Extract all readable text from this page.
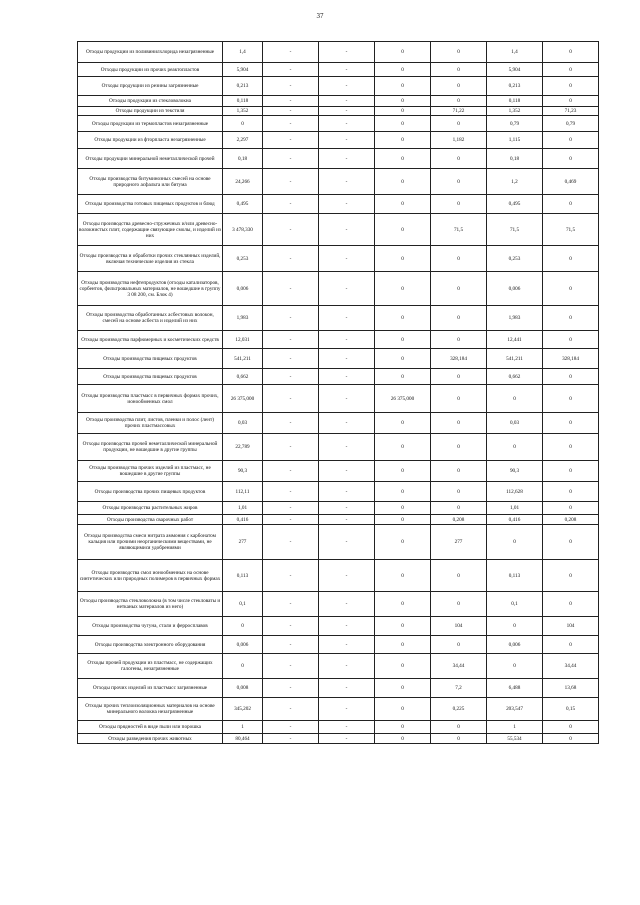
37
Отходы продукции из поливинилхлорида незагрязненные	1,4	-	-	0	0	1,4	0
Отходы продукции из прочих реактопластов	5,904	-	-	0	0	5,904	0
Отходы продукции из резины загрязненные	0,213	-	-	0	0	0,213	0
Отходы продукции из стекловолокна	0,118	-	-	0	0	0,118	0
Отходы продукции из текстиля	1,352	-	-	0	71,22	1,352	71,23
Отходы продукции из термопластов незагрязненные	0	-	-	0	0	0,79	0,79
Отходы продукции из фторпласта незагрязненные	2,297	-	-	0	1,182	1,115	0
Отходы продукции минеральной неметаллической прочей	0,18	-	-	0	0	0,18	0
Отходы производства битуминозных смесей на основе природного асфальта или битума	24,266	-	-	0	0	1,2	0,469
Отходы производства готовых пищевых продуктов и блюд	0,495	-	-	0	0	0,495	0
Отходы производства древесно-стружечных и/или древесно-волокнистых плит, содержащие связующие смолы, и изделий из них	3 478,330	-	-	0	71,5	71,5	71,5
Отходы производства и обработки прочих стеклянных изделий, включая технические изделия из стекла	0,253	-	-	0	0	0,253	0
Отходы производства нефтепродуктов (отходы катализаторов, сорбентов, фильтровальных материалов, не вошедшие в группу 3 08 200, см. Блок 4)	0,006	-	-	0	0	0,006	0
Отходы производства обработанных асбестовых волокон, смесей на основе асбеста и изделий из них	1,983	-	-	0	0	1,983	0
Отходы производства парфюмерных и косметических средств	12,031	-	-	0	0	12,441	0
Отходы производства пищевых продуктов	541,211	-	-	0	328,184	541,211	328,184
Отходы производства пищевых продуктов	0,662	-	-	0	0	0,662	0
Отходы производства пластмасс в первичных формах прочих, ионообменных смол	26 375,000	-	-	26 375,000	0	0	0
Отходы производства плит, листов, пленки и полос (лент) прочих пластмассовых	0,03	-	-	0	0	0,03	0
Отходы производства прочей неметаллической минеральной продукции, не вошедшие в другие группы	22,789	-	-	0	0	0	0
Отходы производства прочих изделий из пластмасс, не вошедшие в другие группы	90,3	-	-	0	0	90,3	0
Отходы производства прочих пищевых продуктов	112,11	-	-	0	0	112,628	0
Отходы производства растительных жиров	1,01	-	-	0	0	1,01	0
Отходы производства сварочных работ	0,416	-	-	0	0,208	0,416	0,208
Отходы производства смеси нитрата аммония с карбонатом кальция или прочими неорганическими веществами, не являющимися удобрениями	277	-	-	0	277	0	0
Отходы производства смол ионообменных на основе синтетических или природных полимеров в первичных формах	0,113	-	-	0	0	0,113	0
Отходы производства стекловолокна (в том числе стекловаты и нетканых материалов из него)	0,1	-	-	0	0	0,1	0
Отходы производства чугуна, стали и ферросплавов	0	-	-	0	104	0	104
Отходы производства электронного оборудования	0,006	-	-	0	0	0,006	0
Отходы прочей продукции из пластмасс, не содержащих галогены, незагрязненные	0	-	-	0	34,44	0	34,44
Отходы прочих изделий из пластмасс загрязненные	0,008	-	-	0	7,2	6,488	13,68
Отходы прочих теплоизоляционных материалов на основе минерального волокна незагрязненные	345,202	-	-	0	0,225	203,547	0,15
Отходы прядностей в виде пыли или порошка	1	-	-	0	0	1	0
Отходы разведения прочих животных	80,464	-	-	0	0	55,534	0
